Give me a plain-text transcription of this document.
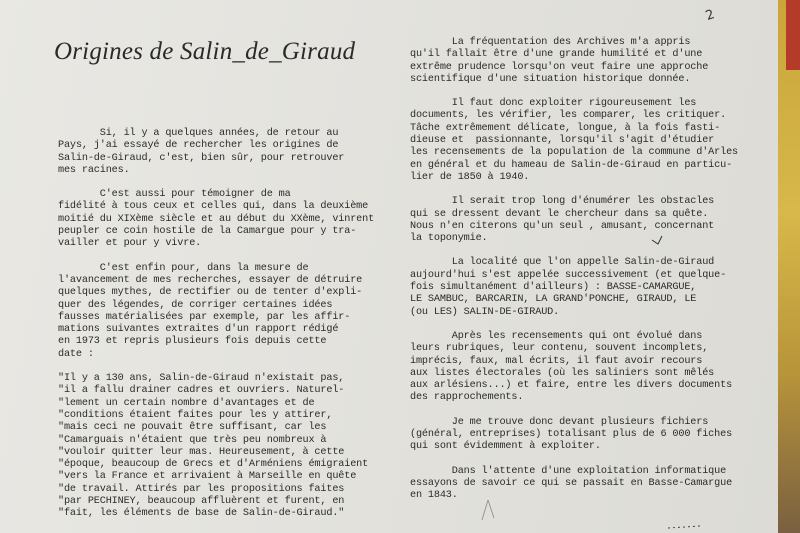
Origines de Salin_de_Giraud
2
Si, il y a quelques années, de retour au
Pays, j'ai essayé de rechercher les origines de
Salin-de-Giraud, c'est, bien sûr, pour retrouver
mes racines.
C'est aussi pour témoigner de ma
fidélité à tous ceux et celles qui, dans la deuxième
moitié du XIXème siècle et au début du XXème, vinrent
peupler ce coin hostile de la Camargue pour y tra-
vailler et pour y vivre.
C'est enfin pour, dans la mesure de
l'avancement de mes recherches, essayer de détruire
quelques mythes, de rectifier ou de tenter d'expli-
quer des légendes, de corriger certaines idées
fausses matérialisées par exemple, par les affir-
mations suivantes extraites d'un rapport rédigé
en 1973 et repris plusieurs fois depuis cette
date :
"Il y a 130 ans, Salin-de-Giraud n'existait pas,
"il a fallu drainer cadres et ouvriers. Naturel-
"lement un certain nombre d'avantages et de
"conditions étaient faites pour les y attirer,
"mais ceci ne pouvait être suffisant, car les
"Camarguais n'étaient que très peu nombreux à
"vouloir quitter leur mas. Heureusement, à cette
"époque, beaucoup de Grecs et d'Arméniens émigraient
"vers la France et arrivaient à Marseille en quête
"de travail. Attirés par les propositions faites
"par PECHINEY, beaucoup affluèrent et furent, en
"fait, les éléments de base de Salin-de-Giraud."
La fréquentation des Archives m'a appris
qu'il fallait être d'une grande humilité et d'une
extrême prudence lorsqu'on veut faire une approche
scientifique d'une situation historique donnée.
Il faut donc exploiter rigoureusement les
documents, les vérifier, les comparer, les critiquer.
Tâche extrêmement délicate, longue, à la fois fasti-
dieuse et  passionnante, lorsqu'il s'agit d'étudier
les recensements de la population de la commune d'Arles
en général et du hameau de Salin-de-Giraud en particu-
lier de 1850 à 1940.
Il serait trop long d'énumérer les obstacles
qui se dressent devant le chercheur dans sa quête.
Nous n'en citerons qu'un seul , amusant, concernant
la toponymie.
La localité que l'on appelle Salin-de-Giraud
aujourd'hui s'est appelée successivement (et quelque-
fois simultanément d'ailleurs) : BASSE-CAMARGUE,
LE SAMBUC, BARCARIN, LA GRAND'PONCHE, GIRAUD, LE
(ou LES) SALIN-DE-GIRAUD.
Après les recensements qui ont évolué dans
leurs rubriques, leur contenu, souvent incomplets,
imprécis, faux, mal écrits, il faut avoir recours
aux listes électorales (où les saliniers sont mêlés
aux arlésiens...) et faire, entre les divers documents
des rapprochements.
Je me trouve donc devant plusieurs fichiers
(général, entreprises) totalisant plus de 6 000 fiches
qui sont évidemment à exploiter.
Dans l'attente d'une exploitation informatique
essayons de savoir ce qui se passait en Basse-Camargue
en 1843.
